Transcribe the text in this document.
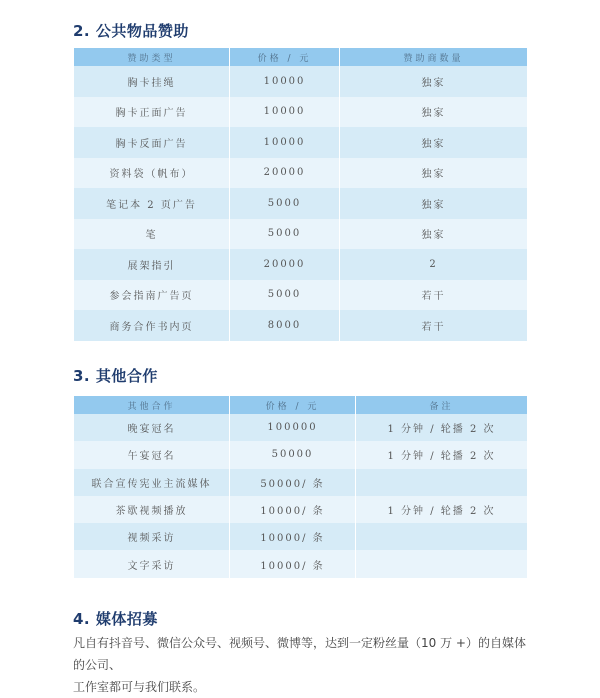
2. 公共物品赞助
赞助类型	价格 / 元	赞助商数量
胸卡挂绳	10000	独家
胸卡正面广告	10000	独家
胸卡反面广告	10000	独家
资料袋（帆布）	20000	独家
笔记本 2 页广告	5000	独家
笔	5000	独家
展架指引	20000	2
参会指南广告页	5000	若干
商务合作书内页	8000	若干
3. 其他合作
其他合作	价格 / 元	备注
晚宴冠名	100000	1 分钟 / 轮播 2 次
午宴冠名	50000	1 分钟 / 轮播 2 次
联合宣传宪业主流媒体	50000/ 条	
茶歇视频播放	10000/ 条	1 分钟 / 轮播 2 次
视频采访	10000/ 条	
文字采访	10000/ 条	
4. 媒体招募

凡自有抖音号、微信公众号、视频号、微博等，达到一定粉丝量（10 万 +）的自媒体的公司、
工作室都可与我们联系。
